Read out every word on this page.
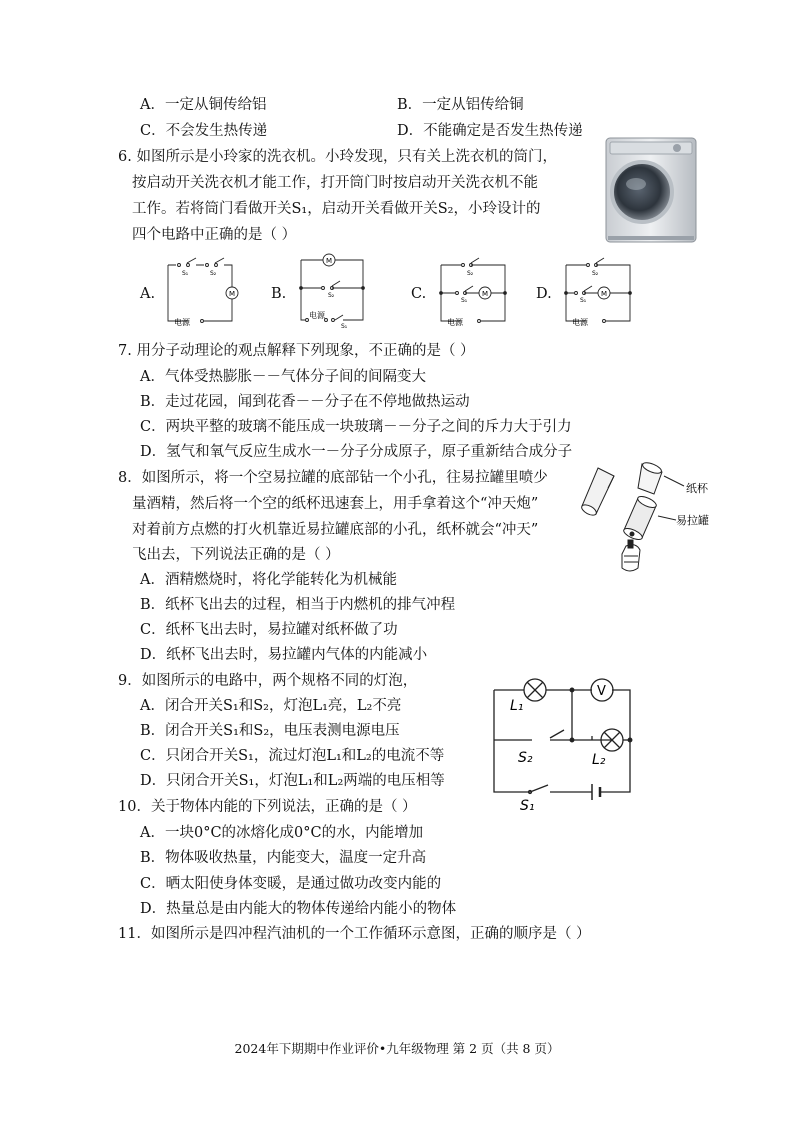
A．一定从铜传给铝	B．一定从铝传给铜
C．不会发生热传递	D．不能确定是否发生热传递
6. 如图所示是小玲家的洗衣机。小玲发现，只有关上洗衣机的筒门，
按启动开关洗衣机才能工作，打开筒门时按启动开关洗衣机不能
工作。若将筒门看做开关S₁，启动开关看做开关S₂，小玲设计的
四个电路中正确的是（ ）
A.	B.	C.	D.
M
S₁	S₂
电源
M
S₂
电源
S₁
S₂
S₁
M
电源
S₂
S₁
M
电源
7. 用分子动理论的观点解释下列现象，不正确的是（ ）
A．气体受热膨胀－－气体分子间的间隔变大
B．走过花园，闻到花香－－分子在不停地做热运动
C．两块平整的玻璃不能压成一块玻璃－－分子之间的斥力大于引力
D．氢气和氧气反应生成水一－分子分成原子，原子重新结合成分子
8．如图所示，将一个空易拉罐的底部钻一个小孔，往易拉罐里喷少
量酒精，然后将一个空的纸杯迅速套上，用手拿着这个“冲天炮”
对着前方点燃的打火机靠近易拉罐底部的小孔，纸杯就会“冲天”
飞出去，下列说法正确的是（ ）
A．酒精燃烧时，将化学能转化为机械能
B．纸杯飞出去的过程，相当于内燃机的排气冲程
C．纸杯飞出去时，易拉罐对纸杯做了功
D．纸杯飞出去时，易拉罐内气体的内能减小
纸杯
易拉罐
9．如图所示的电路中，两个规格不同的灯泡，
A．闭合开关S₁和S₂，灯泡L₁亮，L₂不亮
B．闭合开关S₁和S₂，电压表测电源电压
C．只闭合开关S₁，流过灯泡L₁和L₂的电流不等
D．只闭合开关S₁，灯泡L₁和L₂两端的电压相等
V
L₁
S₂	L₂
S₁
10．关于物体内能的下列说法，正确的是（ ）
A．一块0°C的冰熔化成0°C的水，内能增加
B．物体吸收热量，内能变大，温度一定升高
C．晒太阳使身体变暖，是通过做功改变内能的
D．热量总是由内能大的物体传递给内能小的物体
11．如图所示是四冲程汽油机的一个工作循环示意图，正确的顺序是（ ）
2024年下期期中作业评价•九年级物理 第 2 页（共 8 页）
